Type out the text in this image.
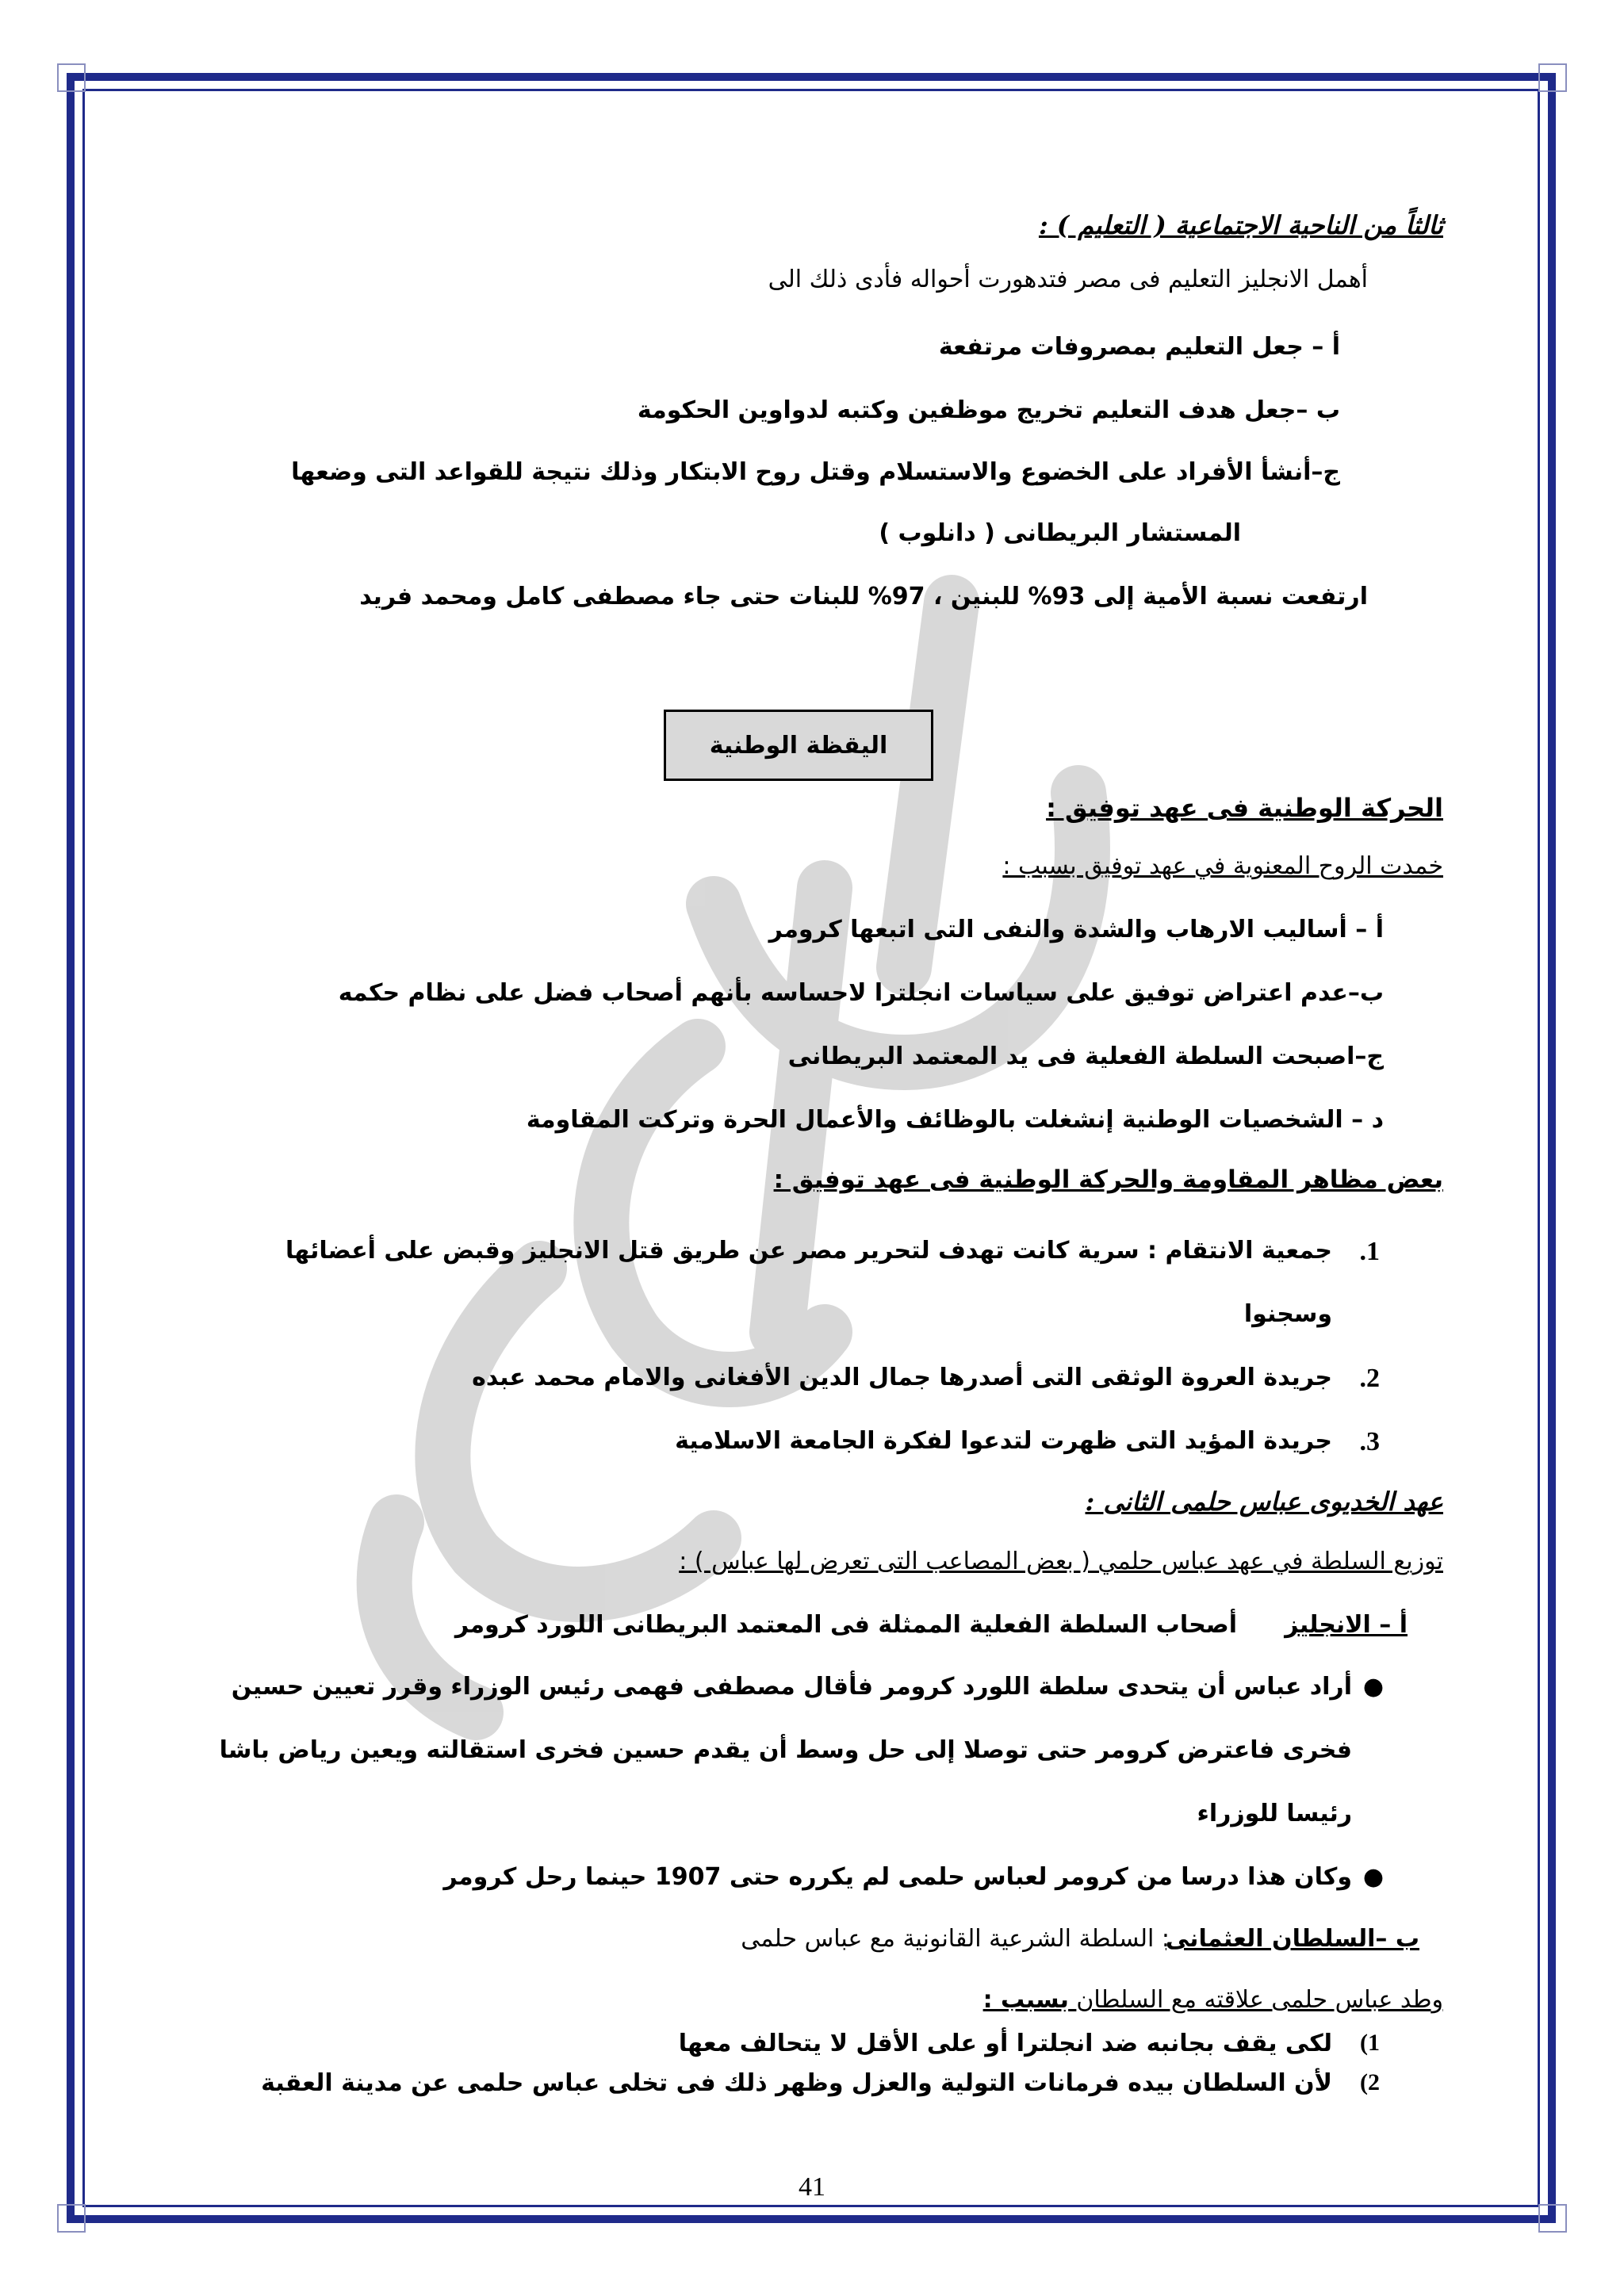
ثالثاً من الناحية الاجتماعية ( التعليم ) :
أهمل الانجليز التعليم فى مصر فتدهورت أحواله فأدى ذلك الى
أ – جعل التعليم بمصروفات مرتفعة
ب –جعل هدف التعليم تخريج موظفين وكتبه لدواوين الحكومة
ج–أنشأ الأفراد على الخضوع والاستسلام وقتل روح الابتكار وذلك نتيجة للقواعد التى وضعها
المستشار البريطانى ( دانلوب )
ارتفعت نسبة الأمية إلى 93% للبنين ، 97% للبنات حتى جاء مصطفى كامل ومحمد فريد
الحركة الوطنية فى عهد توفيق :
خمدت الروح المعنوية في عهد توفيق بسبب :
أ – أساليب الارهاب والشدة والنفى التى اتبعها كرومر
ب–عدم اعتراض توفيق على سياسات انجلترا لاحساسه بأنهم أصحاب فضل على نظام حكمه
ج–اصبحت السلطة الفعلية فى يد المعتمد البريطانى
د – الشخصيات الوطنية إنشغلت بالوظائف والأعمال الحرة وتركت المقاومة
بعض مظاهر المقاومة والحركة الوطنية فى عهد توفيق :
1.
جمعية الانتقام : سرية كانت تهدف لتحرير مصر عن طريق قتل الانجليز وقبض على أعضائها
وسجنوا
2.
جريدة العروة الوثقى التى أصدرها جمال الدين الأفغانى والامام محمد عبده
3.
جريدة المؤيد التى ظهرت لتدعوا لفكرة الجامعة الاسلامية
عهد الخديوى عباس حلمى الثانى :
توزيع السلطة في عهد عباس حلمي ( بعض المصاعب التى تعرض لها عباس ) :
أ – الانجليز
أصحاب السلطة الفعلية الممثلة فى المعتمد البريطانى اللورد كرومر
●
أراد عباس أن يتحدى سلطة اللورد كرومر فأقال مصطفى فهمى رئيس الوزراء وقرر تعيين حسين
فخرى فاعترض كرومر حتى توصلا إلى حل وسط أن يقدم حسين فخرى استقالته ويعين رياض باشا
رئيسا للوزراء
●
وكان هذا درسا من كرومر لعباس حلمى لم يكرره حتى 1907 حينما رحل كرومر
ب –السلطان العثمانى
: السلطة الشرعية القانونية مع عباس حلمى
وطد عباس حلمى علاقته مع السلطان بسبب :
1)
لكى يقف بجانبه ضد انجلترا أو على الأقل لا يتحالف معها
2)
لأن السلطان بيده فرمانات التولية والعزل وظهر ذلك فى تخلى عباس حلمى عن مدينة العقبة
اليقظة الوطنية
41
